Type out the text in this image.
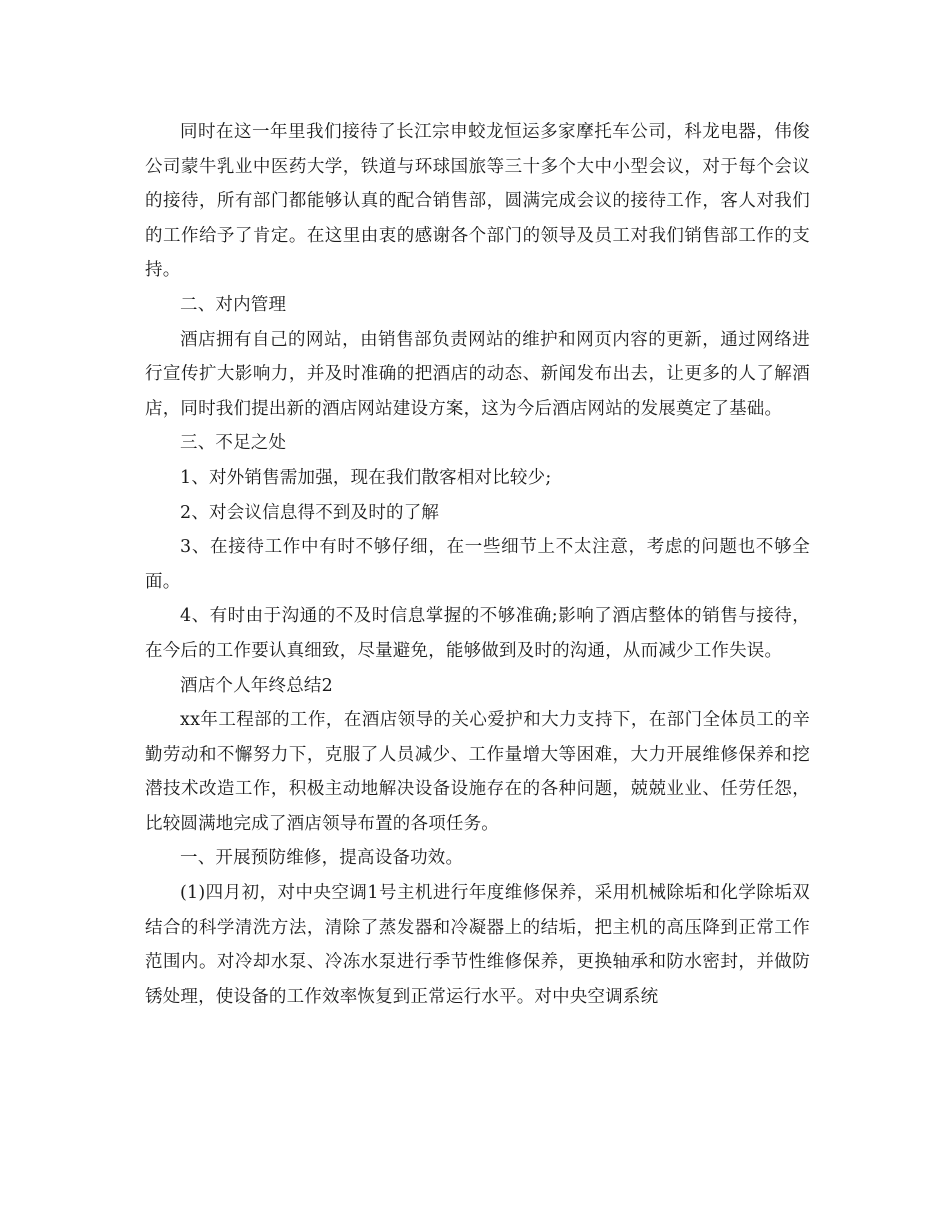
同时在这一年里我们接待了长江宗申蛟龙恒运多家摩托车公司，科龙电器，伟俊公司蒙牛乳业中医药大学，铁道与环球国旅等三十多个大中小型会议，对于每个会议的接待，所有部门都能够认真的配合销售部，圆满完成会议的接待工作，客人对我们的工作给予了肯定。在这里由衷的感谢各个部门的领导及员工对我们销售部工作的支持。

二、对内管理

酒店拥有自己的网站，由销售部负责网站的维护和网页内容的更新，通过网络进行宣传扩大影响力，并及时准确的把酒店的动态、新闻发布出去，让更多的人了解酒店，同时我们提出新的酒店网站建设方案，这为今后酒店网站的发展奠定了基础。

三、不足之处

1、对外销售需加强，现在我们散客相对比较少;

2、对会议信息得不到及时的了解

3、在接待工作中有时不够仔细，在一些细节上不太注意，考虑的问题也不够全面。

4、有时由于沟通的不及时信息掌握的不够准确;影响了酒店整体的销售与接待，在今后的工作要认真细致，尽量避免，能够做到及时的沟通，从而减少工作失误。

酒店个人年终总结2

xx年工程部的工作，在酒店领导的关心爱护和大力支持下，在部门全体员工的辛勤劳动和不懈努力下，克服了人员减少、工作量增大等困难，大力开展维修保养和挖潜技术改造工作，积极主动地解决设备设施存在的各种问题，兢兢业业、任劳任怨，比较圆满地完成了酒店领导布置的各项任务。

一、开展预防维修，提高设备功效。

(1)四月初，对中央空调1号主机进行年度维修保养，采用机械除垢和化学除垢双结合的科学清洗方法，清除了蒸发器和冷凝器上的结垢，把主机的高压降到正常工作范围内。对冷却水泵、冷冻水泵进行季节性维修保养，更换轴承和防水密封，并做防锈处理，使设备的工作效率恢复到正常运行水平。对中央空调系统
